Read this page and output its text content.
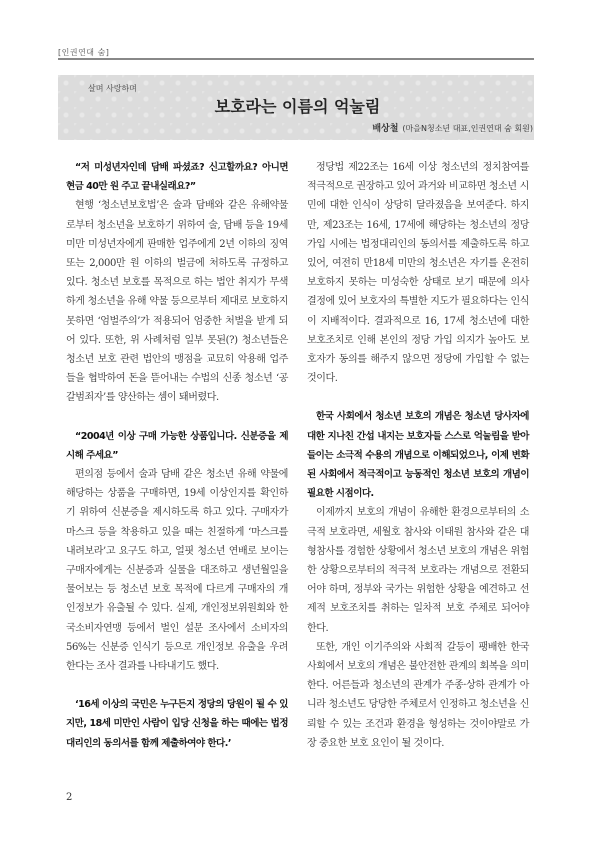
[인권연대 숨]
살며 사랑하며
보호라는 이름의 억눌림
배상철 (마을N청소년 대표,인권연대 숨 회원)

“저 미성년자인데 담배 파셨죠? 신고할까요? 아니면 현금 40만 원 주고 끝내실래요?”

현행 ‘청소년보호법’은 술과 담배와 같은 유해약물로부터 청소년을 보호하기 위하여 술, 담배 등을 19세 미만 미성년자에게 판매한 업주에게 2년 이하의 징역 또는 2,000만 원 이하의 벌금에 처하도록 규정하고 있다. 청소년 보호를 목적으로 하는 법안 취지가 무색하게 청소년을 유해 약물 등으로부터 제대로 보호하지 못하면 ‘엄벌주의’가 적용되어 엄중한 처벌을 받게 되어 있다. 또한, 위 사례처럼 일부 못된(?) 청소년들은 청소년 보호 관련 법안의 맹점을 교묘히 악용해 업주들을 협박하여 돈을 뜯어내는 수법의 신종 청소년 ‘공갈범죄자’를 양산하는 셈이 돼버렸다.

“2004년 이상 구매 가능한 상품입니다. 신분증을 제시해 주세요”

편의점 등에서 술과 담배 같은 청소년 유해 약물에 해당하는 상품을 구매하면, 19세 이상인지를 확인하기 위하여 신분증을 제시하도록 하고 있다. 구매자가 마스크 등을 착용하고 있을 때는 친절하게 ‘마스크를 내려보라’고 요구도 하고, 얼핏 청소년 연배로 보이는 구매자에게는 신분증과 실물을 대조하고 생년월일을 물어보는 등 청소년 보호 목적에 다르게 구매자의 개인정보가 유출될 수 있다. 실제, 개인정보위원회와 한국소비자연맹 등에서 벌인 설문 조사에서 소비자의 56%는 신분증 인식기 등으로 개인정보 유출을 우려한다는 조사 결과를 나타내기도 했다.

‘16세 이상의 국민은 누구든지 정당의 당원이 될 수 있지만, 18세 미만인 사람이 입당 신청을 하는 때에는 법정대리인의 동의서를 함께 제출하여야 한다.’

정당법 제22조는 16세 이상 청소년의 정치참여를 적극적으로 권장하고 있어 과거와 비교하면 청소년 시민에 대한 인식이 상당히 달라졌음을 보여준다. 하지만, 제23조는 16세, 17세에 해당하는 청소년의 정당 가입 시에는 법정대리인의 동의서를 제출하도록 하고 있어, 여전히 만18세 미만의 청소년은 자기를 온전히 보호하지 못하는 미성숙한 상태로 보기 때문에 의사 결정에 있어 보호자의 특별한 지도가 필요하다는 인식이 지배적이다. 결과적으로 16, 17세 청소년에 대한 보호조치로 인해 본인의 정당 가입 의지가 높아도 보호자가 동의를 해주지 않으면 정당에 가입할 수 없는 것이다.

한국 사회에서 청소년 보호의 개념은 청소년 당사자에 대한 지나친 간섭 내지는 보호자들 스스로 억눌림을 받아들이는 소극적 수용의 개념으로 이해되었으나, 이제 변화된 사회에서 적극적이고 능동적인 청소년 보호의 개념이 필요한 시점이다.

이제까지 보호의 개념이 유해한 환경으로부터의 소극적 보호라면, 세월호 참사와 이태원 참사와 같은 대형참사를 경험한 상황에서 청소년 보호의 개념은 위험한 상황으로부터의 적극적 보호라는 개념으로 전환되어야 하며, 정부와 국가는 위험한 상황을 예견하고 선제적 보호조치를 취하는 일차적 보호 주체로 되어야 한다.

또한, 개인 이기주의와 사회적 갈등이 팽배한 한국 사회에서 보호의 개념은 불안전한 관계의 회복을 의미한다. 어른들과 청소년의 관계가 주종·상하 관계가 아니라 청소년도 당당한 주체로서 인정하고 청소년을 신뢰할 수 있는 조건과 환경을 형성하는 것이야말로 가장 중요한 보호 요인이 될 것이다.

2
